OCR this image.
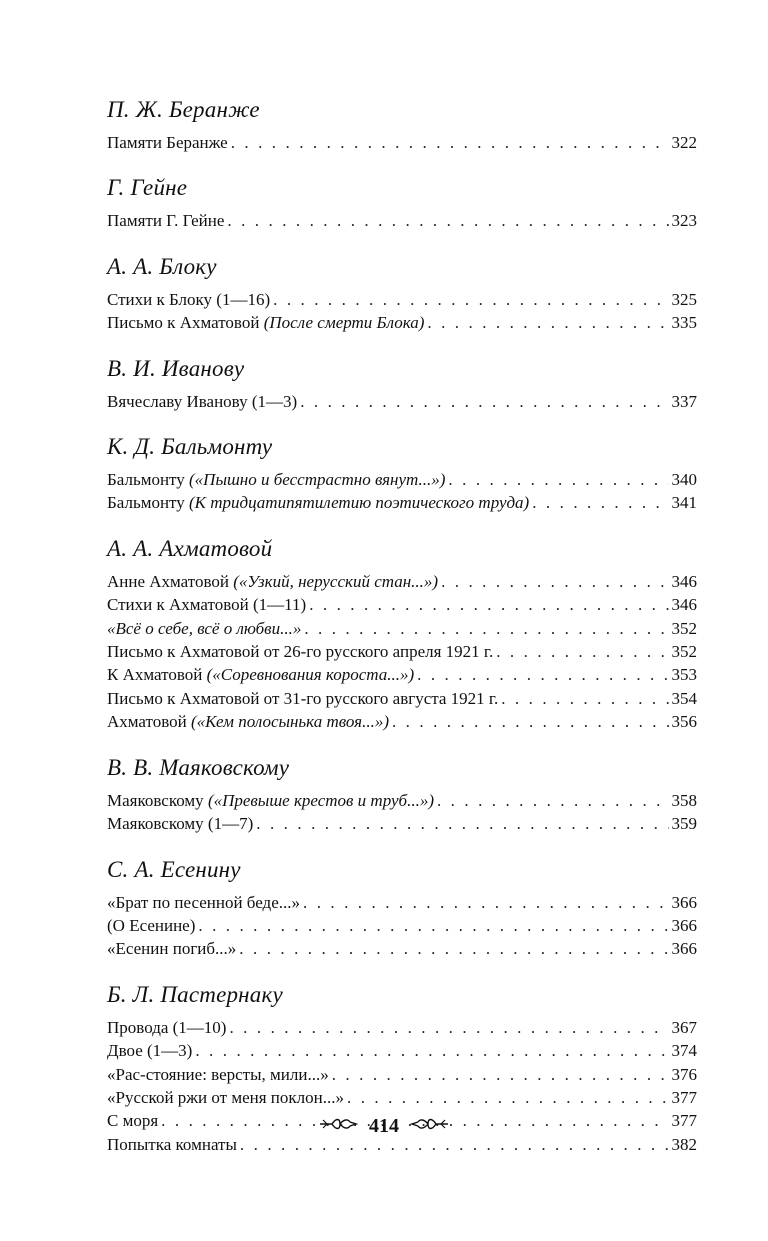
П. Ж. Беранже
Памяти Беранже . . .	322
Г. Гейне
Памяти Г. Гейне . . .	323
А. А. Блоку
Стихи к Блоку (1—16) . . .	325
Письмо к Ахматовой (После смерти Блока) . . .	335
В. И. Иванову
Вячеславу Иванову (1—3) . . .	337
К. Д. Бальмонту
Бальмонту («Пышно и бесстрастно вянут...») . . .	340
Бальмонту (К тридцатипятилетию поэтического труда) . . .	341
А. А. Ахматовой
Анне Ахматовой («Узкий, нерусский стан...») . . .	346
Стихи к Ахматовой (1—11) . . .	346
«Всё о себе, всё о любви...» . . .	352
Письмо к Ахматовой от 26-го русского апреля 1921 г. . . .	352
К Ахматовой («Соревнования короста...») . . .	353
Письмо к Ахматовой от 31-го русского августа 1921 г. . . .	354
Ахматовой («Кем полосынька твоя...») . . .	356
В. В. Маяковскому
Маяковскому («Превыше крестов и труб...») . . .	358
Маяковскому (1—7) . . .	359
С. А. Есенину
«Брат по песенной беде...» . . .	366
(О Есенине) . . .	366
«Есенин погиб...» . . .	366
Б. Л. Пастернаку
Провода (1—10) . . .	367
Двое (1—3) . . .	374
«Рас-стояние: версты, мили...» . . .	376
«Русской ржи от меня поклон...» . . .	377
С моря . . .	377
Попытка комнаты . . .	382
414
